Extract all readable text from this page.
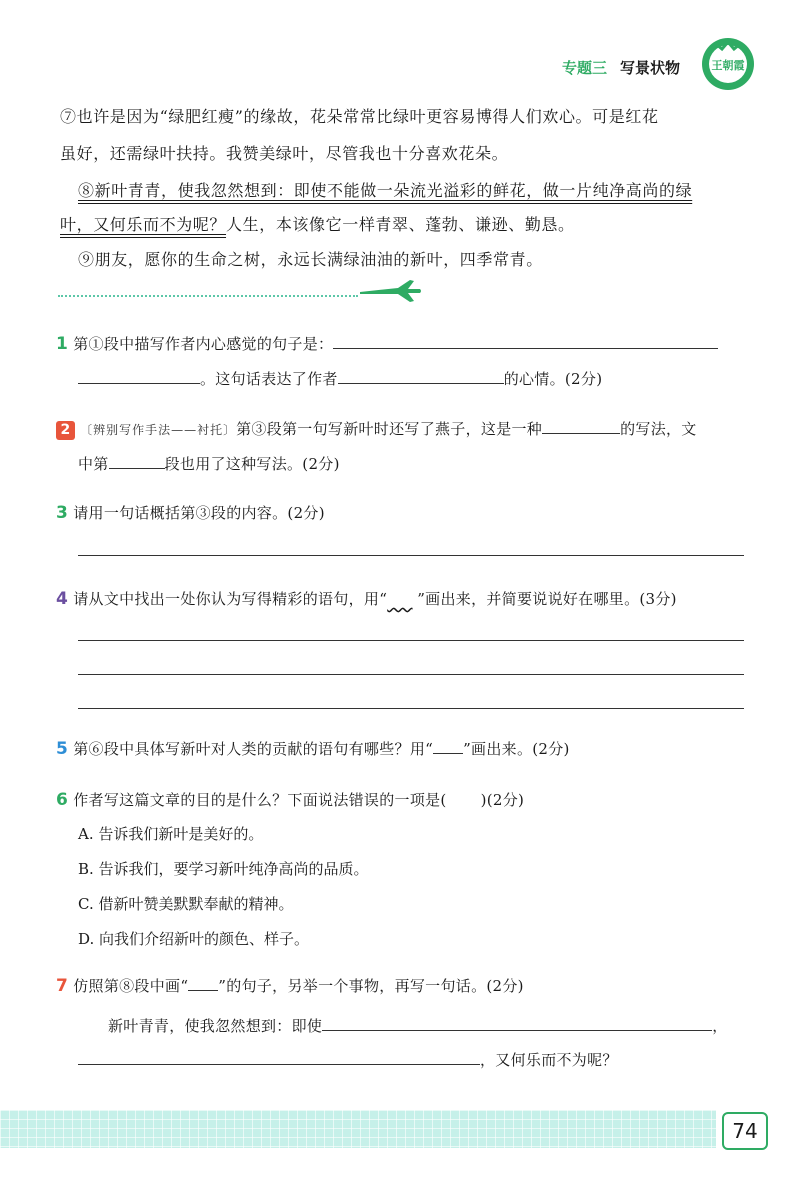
专题三 写景状物	王朝霞
⑦也许是因为“绿肥红瘦”的缘故，花朵常常比绿叶更容易博得人们欢心。可是红花
虽好，还需绿叶扶持。我赞美绿叶，尽管我也十分喜欢花朵。
⑧新叶青青，使我忽然想到：即使不能做一朵流光溢彩的鲜花，做一片纯净高尚的绿
叶，又何乐而不为呢？人生，本该像它一样青翠、蓬勃、谦逊、勤恳。
⑨朋友，愿你的生命之树，永远长满绿油油的新叶，四季常青。
1 第①段中描写作者内心感觉的句子是：
。这句话表达了作者	的心情。(2分)
2 〔辨别写作手法——衬托〕第③段第一句写新叶时还写了燕子，这是一种	的写法，文
中第	段也用了这种写法。(2分)
3 请用一句话概括第③段的内容。(2分)
4 请从文中找出一处你认为写得精彩的语句，用“ ”画出来，并简要说说好在哪里。(3分)
5 第⑥段中具体写新叶对人类的贡献的语句有哪些？用“ ”画出来。(2分)
6 作者写这篇文章的目的是什么？下面说法错误的一项是( )(2分)
A. 告诉我们新叶是美好的。
B. 告诉我们，要学习新叶纯净高尚的品质。
C. 借新叶赞美默默奉献的精神。
D. 向我们介绍新叶的颜色、样子。
7 仿照第⑧段中画“ ”的句子，另举一个事物，再写一句话。(2分)
新叶青青，使我忽然想到：即使	，
，又何乐而不为呢？
74
